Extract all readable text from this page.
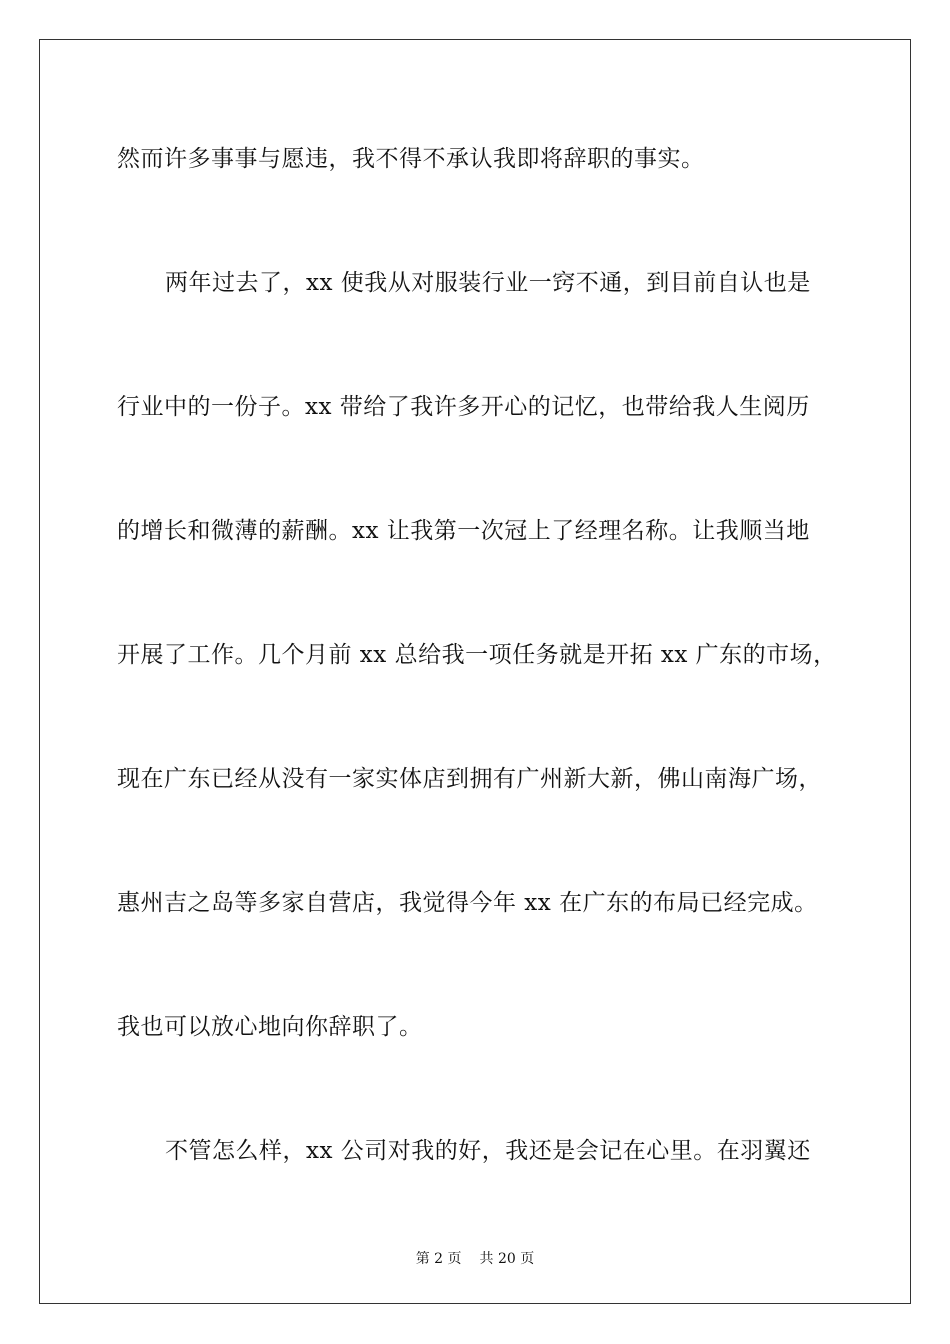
然而许多事事与愿违，我不得不承认我即将辞职的事实。
两年过去了，xx 使我从对服装行业一窍不通，到目前自认也是
行业中的一份子。xx 带给了我许多开心的记忆，也带给我人生阅历
的增长和微薄的薪酬。xx 让我第一次冠上了经理名称。让我顺当地
开展了工作。几个月前 xx 总给我一项任务就是开拓 xx 广东的市场，
现在广东已经从没有一家实体店到拥有广州新大新，佛山南海广场，
惠州吉之岛等多家自营店，我觉得今年 xx 在广东的布局已经完成。
我也可以放心地向你辞职了。
不管怎么样，xx 公司对我的好，我还是会记在心里。在羽翼还
第 2 页 共 20 页
